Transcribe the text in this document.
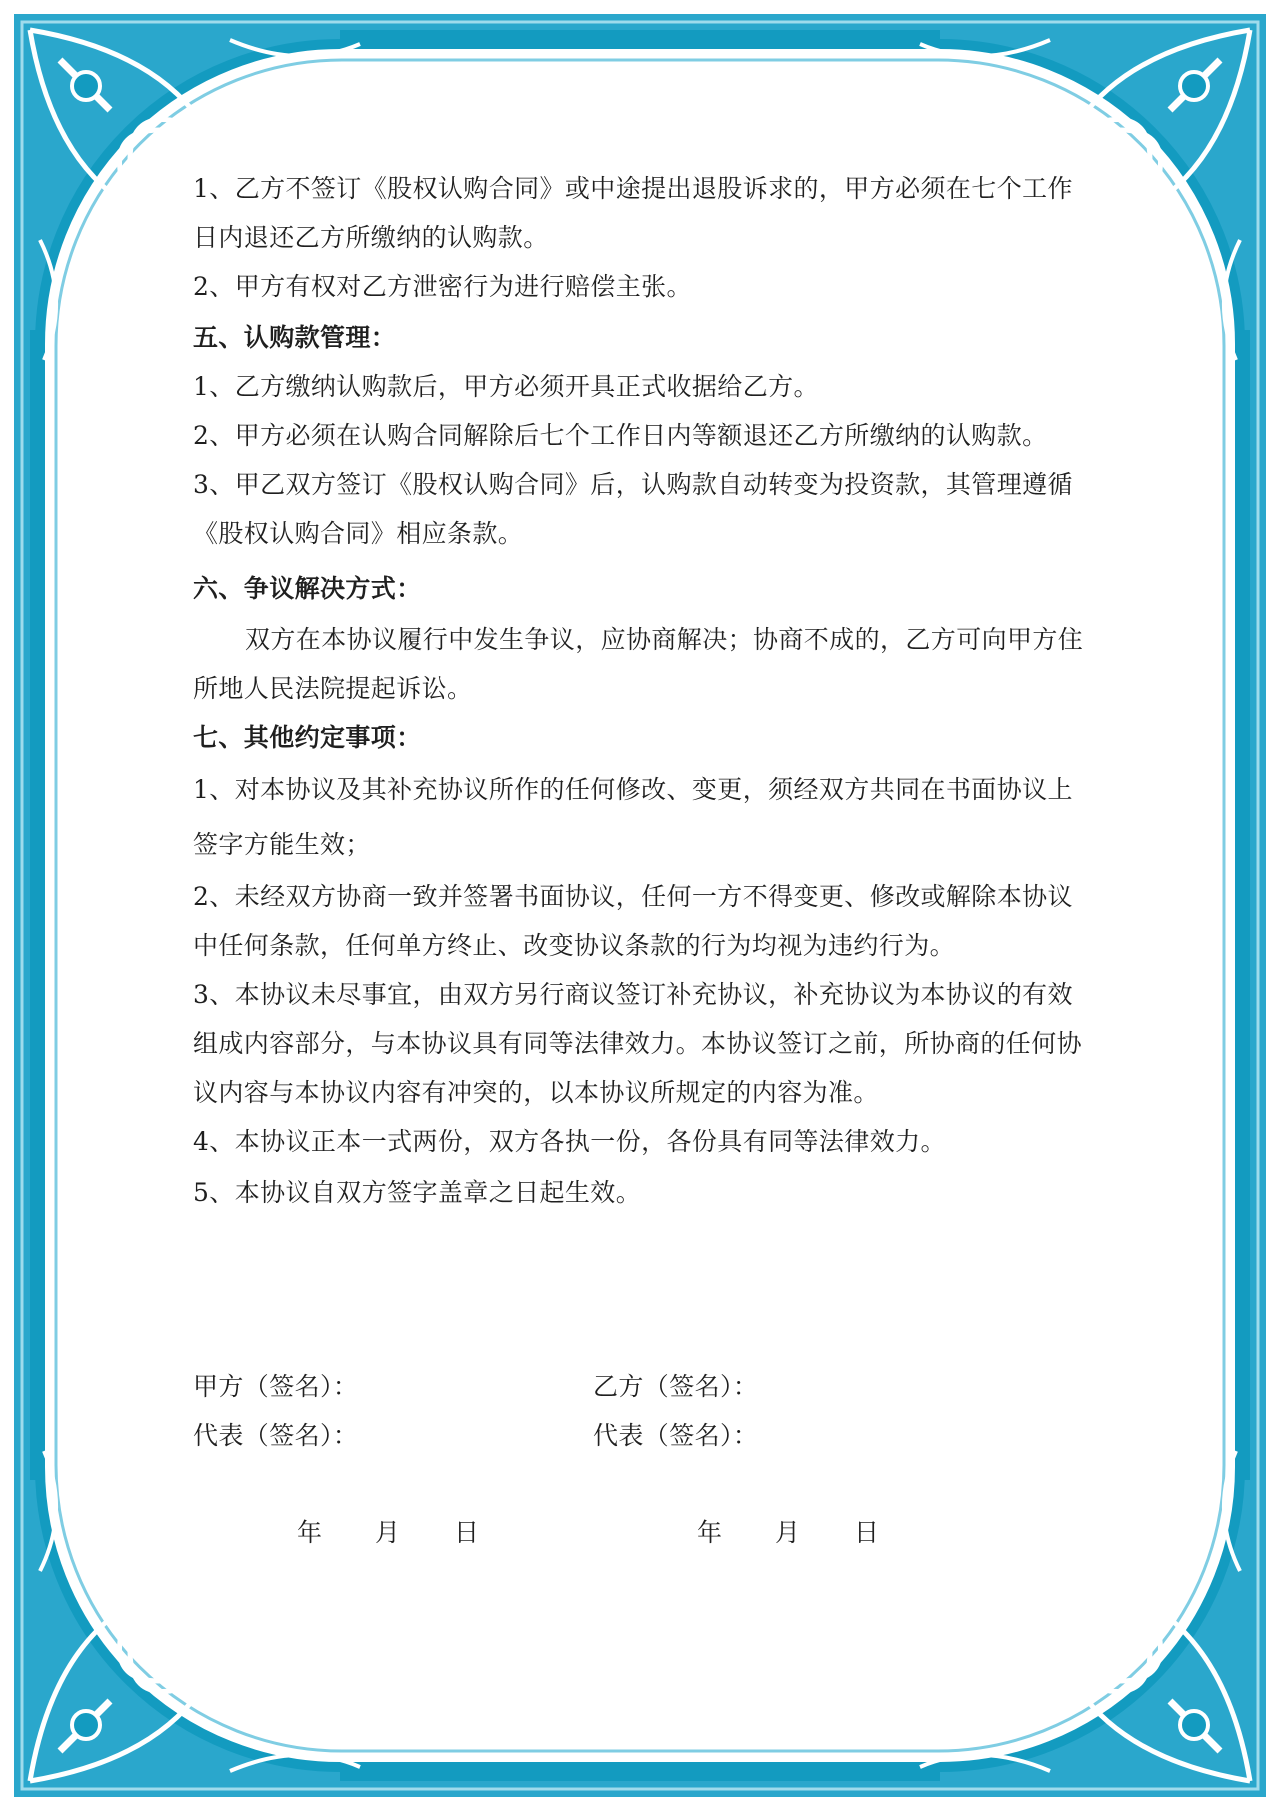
1、乙方不签订《股权认购合同》或中途提出退股诉求的，甲方必须在七个工作
日内退还乙方所缴纳的认购款。

2、甲方有权对乙方泄密行为进行赔偿主张。

五、认购款管理：

1、乙方缴纳认购款后，甲方必须开具正式收据给乙方。

2、甲方必须在认购合同解除后七个工作日内等额退还乙方所缴纳的认购款。

3、甲乙双方签订《股权认购合同》后，认购款自动转变为投资款，其管理遵循
《股权认购合同》相应条款。

六、争议解决方式：

双方在本协议履行中发生争议，应协商解决；协商不成的，乙方可向甲方住
所地人民法院提起诉讼。

七、其他约定事项：

1、对本协议及其补充协议所作的任何修改、变更，须经双方共同在书面协议上
签字方能生效；

2、未经双方协商一致并签署书面协议，任何一方不得变更、修改或解除本协议
中任何条款，任何单方终止、改变协议条款的行为均视为违约行为。

3、本协议未尽事宜，由双方另行商议签订补充协议，补充协议为本协议的有效
组成内容部分，与本协议具有同等法律效力。本协议签订之前，所协商的任何协
议内容与本协议内容有冲突的，以本协议所规定的内容为准。

4、本协议正本一式两份，双方各执一份，各份具有同等法律效力。

5、本协议自双方签字盖章之日起生效。

甲方（签名）：	乙方（签名）：
代表（签名）：	代表（签名）：
年 月 日	年 月 日
